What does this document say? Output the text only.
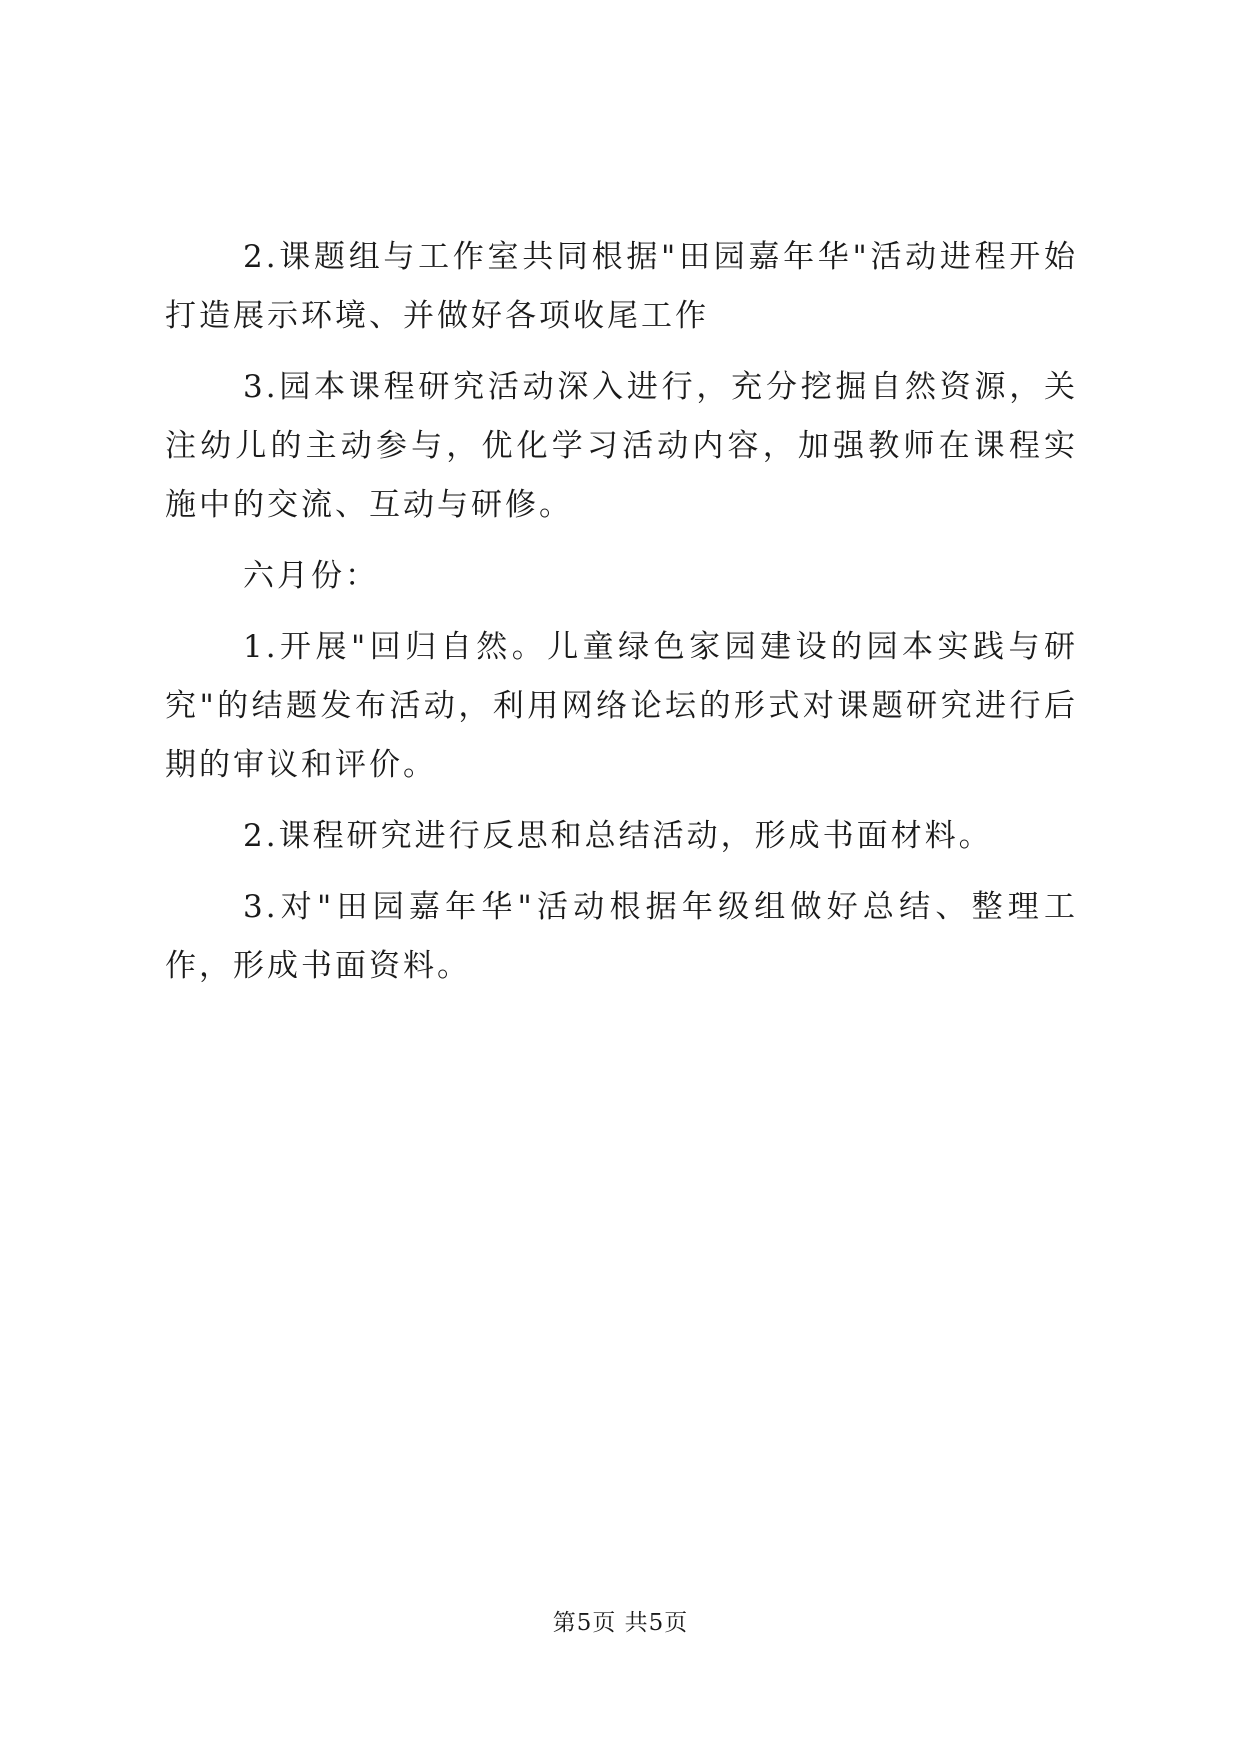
2.课题组与工作室共同根据"田园嘉年华"活动进程开始打造展示环境、并做好各项收尾工作

3.园本课程研究活动深入进行，充分挖掘自然资源，关注幼儿的主动参与，优化学习活动内容，加强教师在课程实施中的交流、互动与研修。

六月份：

1.开展"回归自然。儿童绿色家园建设的园本实践与研究"的结题发布活动，利用网络论坛的形式对课题研究进行后期的审议和评价。

2.课程研究进行反思和总结活动，形成书面材料。

3.对"田园嘉年华"活动根据年级组做好总结、整理工作，形成书面资料。

第5页 共5页
